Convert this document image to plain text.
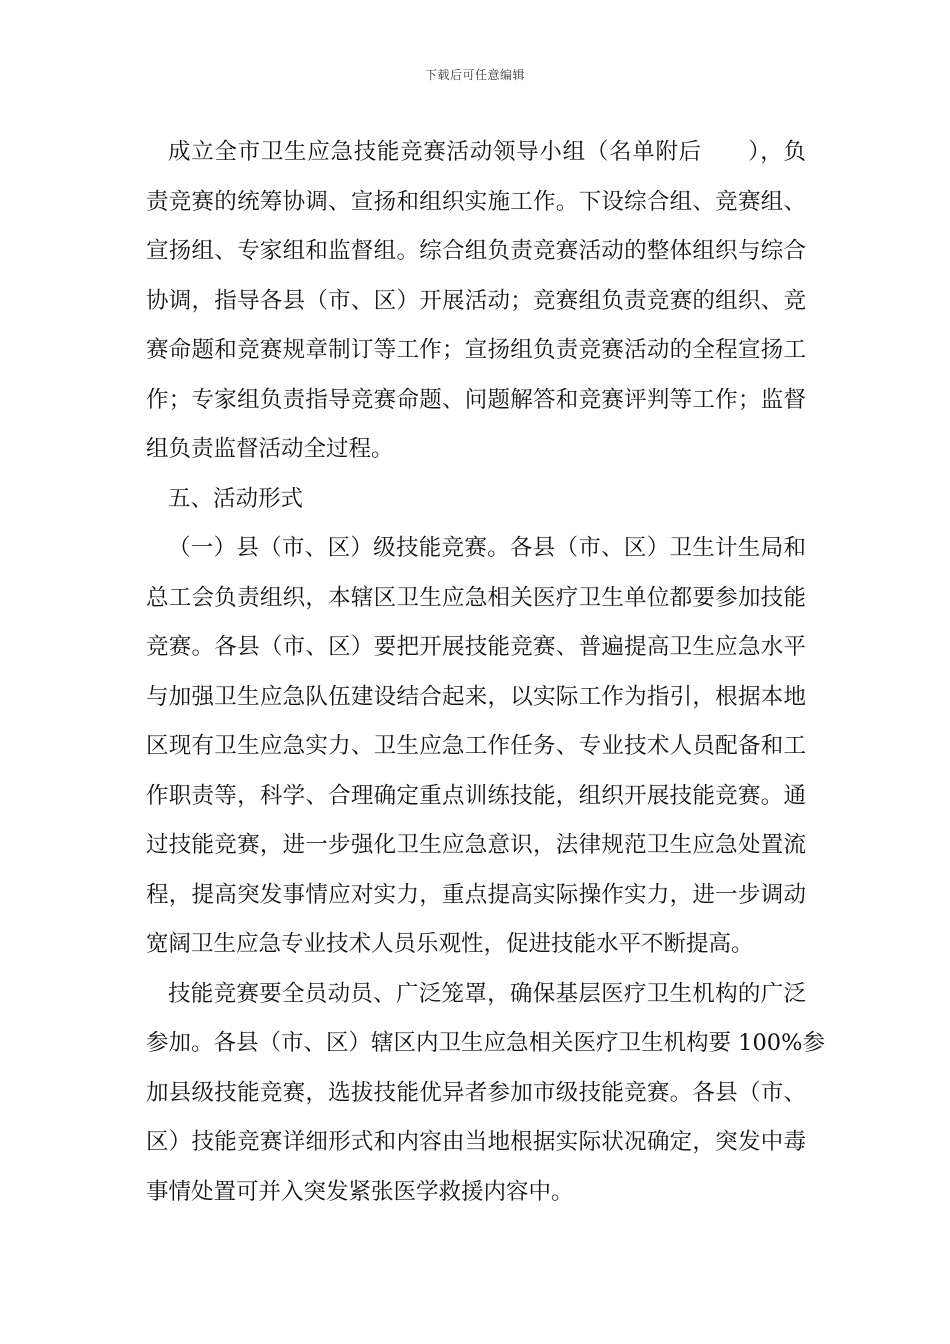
下载后可任意编辑
成立全市卫生应急技能竞赛活动领导小组（名单附后　　），负
责竞赛的统筹协调、宣扬和组织实施工作。下设综合组、竞赛组、
宣扬组、专家组和监督组。综合组负责竞赛活动的整体组织与综合
协调，指导各县（市、区）开展活动；竞赛组负责竞赛的组织、竞
赛命题和竞赛规章制订等工作；宣扬组负责竞赛活动的全程宣扬工
作；专家组负责指导竞赛命题、问题解答和竞赛评判等工作；监督
组负责监督活动全过程。
五、活动形式
（一）县（市、区）级技能竞赛。各县（市、区）卫生计生局和
总工会负责组织，本辖区卫生应急相关医疗卫生单位都要参加技能
竞赛。各县（市、区）要把开展技能竞赛、普遍提高卫生应急水平
与加强卫生应急队伍建设结合起来，以实际工作为指引，根据本地
区现有卫生应急实力、卫生应急工作任务、专业技术人员配备和工
作职责等，科学、合理确定重点训练技能，组织开展技能竞赛。通
过技能竞赛，进一步强化卫生应急意识，法律规范卫生应急处置流
程，提高突发事情应对实力，重点提高实际操作实力，进一步调动
宽阔卫生应急专业技术人员乐观性，促进技能水平不断提高。
技能竞赛要全员动员、广泛笼罩，确保基层医疗卫生机构的广泛
参加。各县（市、区）辖区内卫生应急相关医疗卫生机构要 100%参
加县级技能竞赛，选拔技能优异者参加市级技能竞赛。各县（市、
区）技能竞赛详细形式和内容由当地根据实际状况确定，突发中毒
事情处置可并入突发紧张医学救援内容中。
